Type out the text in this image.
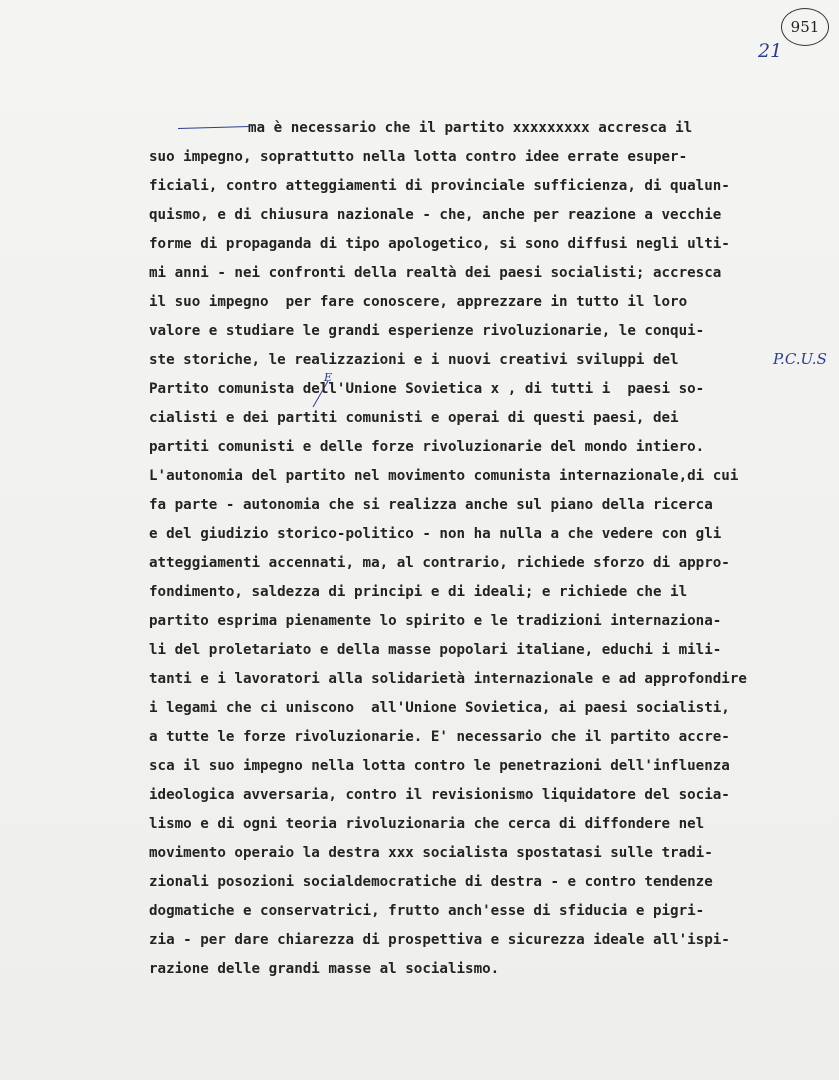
951
21
P.C.U.S
E
ma è necessario che il partito xxxxxxxxx accresca il
suo impegno, soprattutto nella lotta contro idee errate esuper-
ficiali, contro atteggiamenti di provinciale sufficienza, di qualun-
quismo, e di chiusura nazionale - che, anche per reazione a vecchie
forme di propaganda di tipo apologetico, si sono diffusi negli ulti-
mi anni - nei confronti della realtà dei paesi socialisti; accresca
il suo impegno  per fare conoscere, apprezzare in tutto il loro
valore e studiare le grandi esperienze rivoluzionarie, le conqui-
ste storiche, le realizzazioni e i nuovi creativi sviluppi del
Partito comunista dell'Unione Sovietica x , di tutti i  paesi so-
cialisti e dei partiti comunisti e operai di questi paesi, dei
partiti comunisti e delle forze rivoluzionarie del mondo intiero.
L'autonomia del partito nel movimento comunista internazionale,di cui
fa parte - autonomia che si realizza anche sul piano della ricerca
e del giudizio storico-politico - non ha nulla a che vedere con gli
atteggiamenti accennati, ma, al contrario, richiede sforzo di appro-
fondimento, saldezza di principi e di ideali; e richiede che il
partito esprima pienamente lo spirito e le tradizioni internaziona-
li del proletariato e della masse popolari italiane, educhi i mili-
tanti e i lavoratori alla solidarietà internazionale e ad approfondire
i legami che ci uniscono  all'Unione Sovietica, ai paesi socialisti,
a tutte le forze rivoluzionarie. E' necessario che il partito accre-
sca il suo impegno nella lotta contro le penetrazioni dell'influenza
ideologica avversaria, contro il revisionismo liquidatore del socia-
lismo e di ogni teoria rivoluzionaria che cerca di diffondere nel
movimento operaio la destra xxx socialista spostatasi sulle tradi-
zionali posozioni socialdemocratiche di destra - e contro tendenze
dogmatiche e conservatrici, frutto anch'esse di sfiducia e pigri-
zia - per dare chiarezza di prospettiva e sicurezza ideale all'ispi-
razione delle grandi masse al socialismo.
